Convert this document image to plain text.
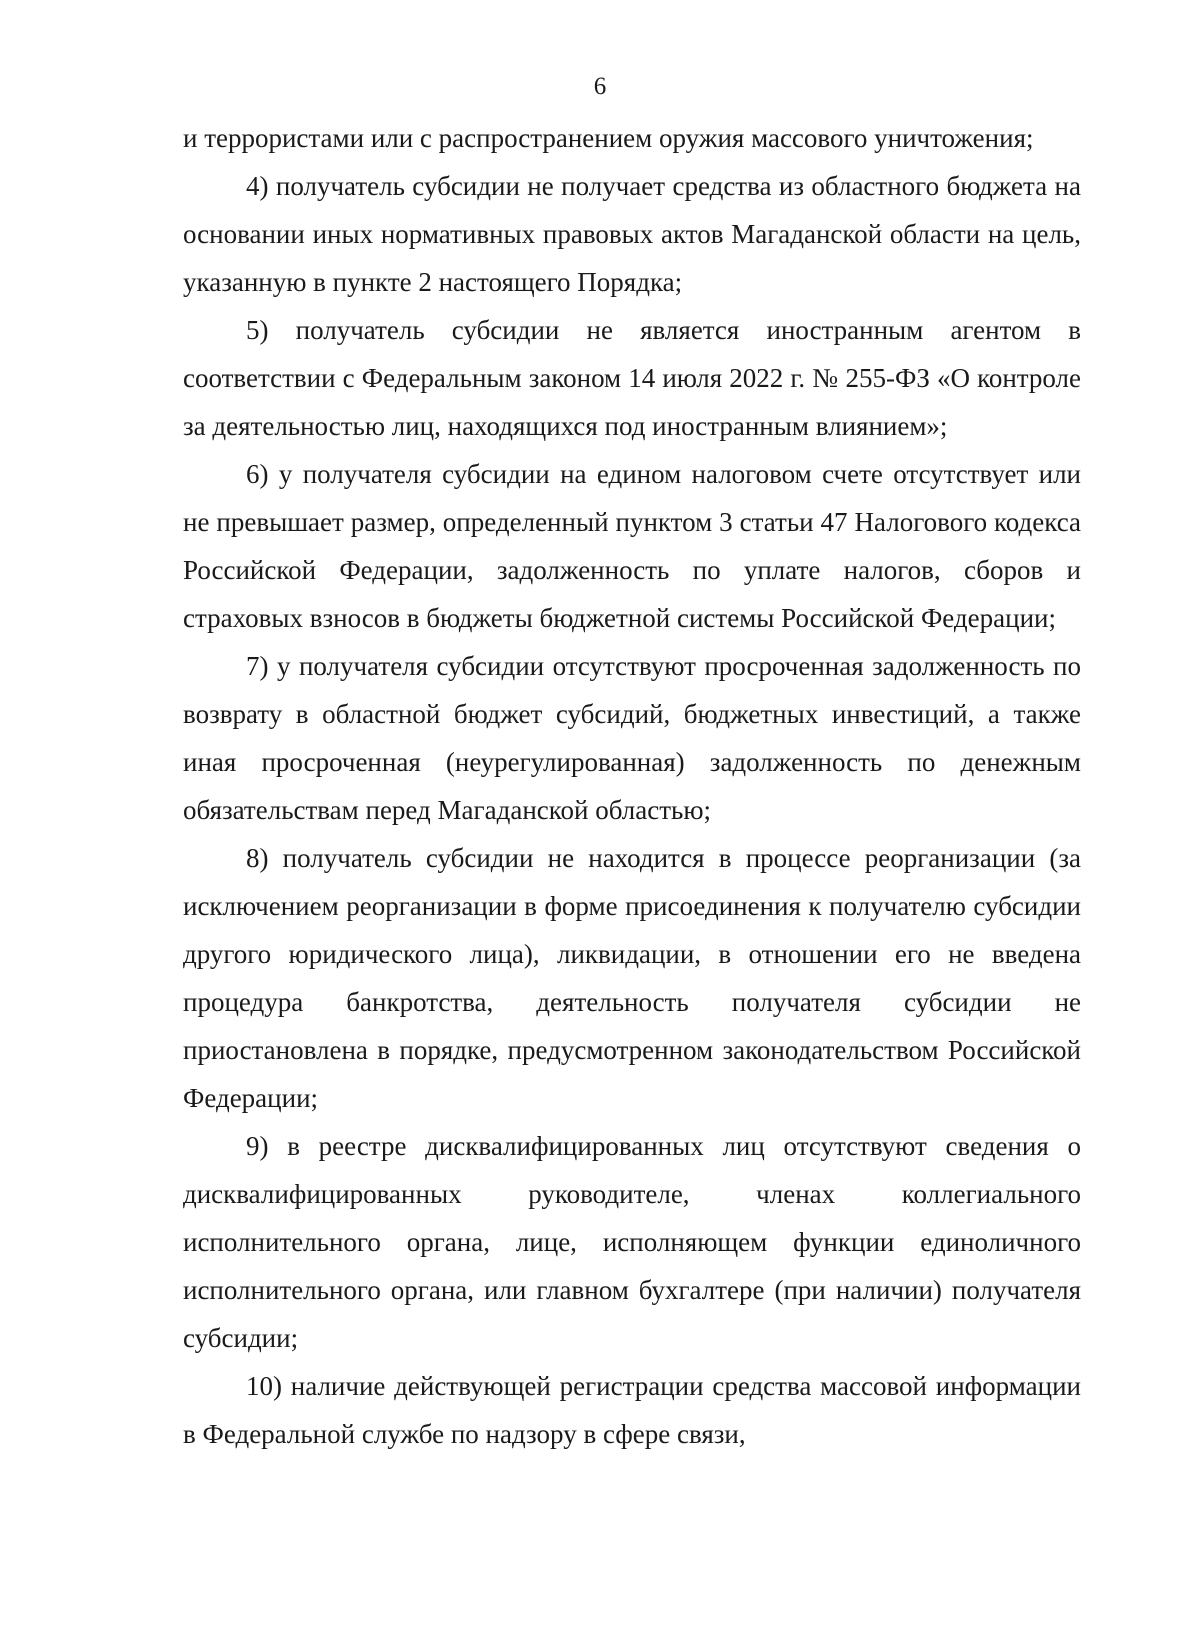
6

и террористами или с распространением оружия массового уничтожения;

4) получатель субсидии не получает средства из областного бюджета на основании иных нормативных правовых актов Магаданской области на цель, указанную в пункте 2 настоящего Порядка;

5) получатель субсидии не является иностранным агентом в соответствии с Федеральным законом 14 июля 2022 г. № 255-ФЗ «О контроле за деятельностью лиц, находящихся под иностранным влиянием»;

6) у получателя субсидии на едином налоговом счете отсутствует или не превышает размер, определенный пунктом 3 статьи 47 Налогового кодекса Российской Федерации, задолженность по уплате налогов, сборов и страховых взносов в бюджеты бюджетной системы Российской Федерации;

7) у получателя субсидии отсутствуют просроченная задолженность по возврату в областной бюджет субсидий, бюджетных инвестиций, а также иная просроченная (неурегулированная) задолженность по денежным обязательствам перед Магаданской областью;

8) получатель субсидии не находится в процессе реорганизации (за исключением реорганизации в форме присоединения к получателю субсидии другого юридического лица), ликвидации, в отношении его не введена процедура банкротства, деятельность получателя субсидии не приостановлена в порядке, предусмотренном законодательством Российской Федерации;

9) в реестре дисквалифицированных лиц отсутствуют сведения о дисквалифицированных руководителе, членах коллегиального исполнительного органа, лице, исполняющем функции единоличного исполнительного органа, или главном бухгалтере (при наличии) получателя субсидии;

10) наличие действующей регистрации средства массовой информации в Федеральной службе по надзору в сфере связи,
